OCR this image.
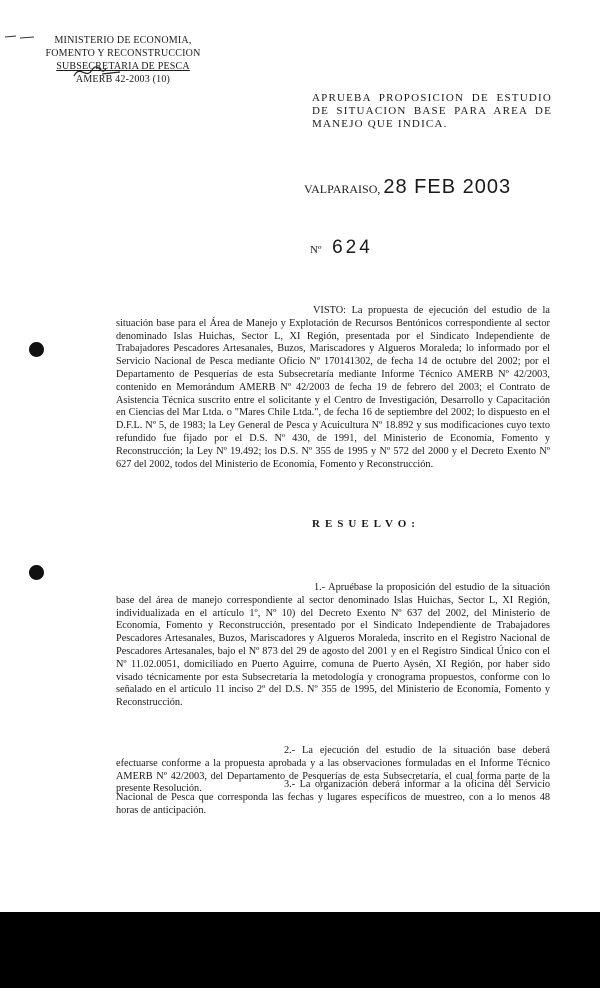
MINISTERIO DE ECONOMIA,
FOMENTO Y RECONSTRUCCION
SUBSECRETARIA DE PESCA
AMERB 42-2003 (10)
APRUEBA PROPOSICION DE ESTUDIO DE SITUACION BASE PARA AREA DE MANEJO QUE INDICA.
VALPARAISO, 28 FEB 2003
Nº 624
VISTO: La propuesta de ejecución del estudio de la situación base para el Área de Manejo y Explotación de Recursos Bentónicos correspondiente al sector denominado Islas Huichas, Sector L, XI Región, presentada por el Sindicato Independiente de Trabajadores Pescadores Artesanales, Buzos, Mariscadores y Algueros Moraleda; lo informado por el Servicio Nacional de Pesca mediante Oficio Nº 170141302, de fecha 14 de octubre del 2002; por el Departamento de Pesquerías de esta Subsecretaría mediante Informe Técnico AMERB Nº 42/2003, contenido en Memorándum AMERB Nº 42/2003 de fecha 19 de febrero del 2003; el Contrato de Asistencia Técnica suscrito entre el solicitante y el Centro de Investigación, Desarrollo y Capacitación en Ciencias del Mar Ltda. o "Mares Chile Ltda.", de fecha 16 de septiembre del 2002; lo dispuesto en el D.F.L. Nº 5, de 1983; la Ley General de Pesca y Acuicultura Nº 18.892 y sus modificaciones cuyo texto refundido fue fijado por el D.S. Nº 430, de 1991, del Ministerio de Economía, Fomento y Reconstrucción; la Ley Nº 19.492; los D.S. Nº 355 de 1995 y Nº 572 del 2000 y el Decreto Exento Nº 627 del 2002, todos del Ministerio de Economía, Fomento y Reconstrucción.
RESUELVO:
1.- Apruébase la proposición del estudio de la situación base del área de manejo correspondiente al sector denominado Islas Huichas, Sector L, XI Región, individualizada en el artículo 1º, Nº 10) del Decreto Exento Nº 637 del 2002, del Ministerio de Economía, Fomento y Reconstrucción, presentado por el Sindicato Independiente de Trabajadores Pescadores Artesanales, Buzos, Mariscadores y Algueros Moraleda, inscrito en el Registro Nacional de Pescadores Artesanales, bajo el Nº 873 del 29 de agosto del 2001 y en el Registro Sindical Único con el Nº 11.02.0051, domiciliado en Puerto Aguirre, comuna de Puerto Aysén, XI Región, por haber sido visado técnicamente por esta Subsecretaría la metodología y cronograma propuestos, conforme con lo señalado en el artículo 11 inciso 2º del D.S. Nº 355 de 1995, del Ministerio de Economía, Fomento y Reconstrucción.
2.- La ejecución del estudio de la situación base deberá efectuarse conforme a la propuesta aprobada y a las observaciones formuladas en el Informe Técnico AMERB Nº 42/2003, del Departamento de Pesquerías de esta Subsecretaría, el cual forma parte de la presente Resolución.	3.- La organización deberá informar a la oficina del Servicio Nacional de Pesca que corresponda las fechas y lugares específicos de muestreo, con a lo menos 48 horas de anticipación.
